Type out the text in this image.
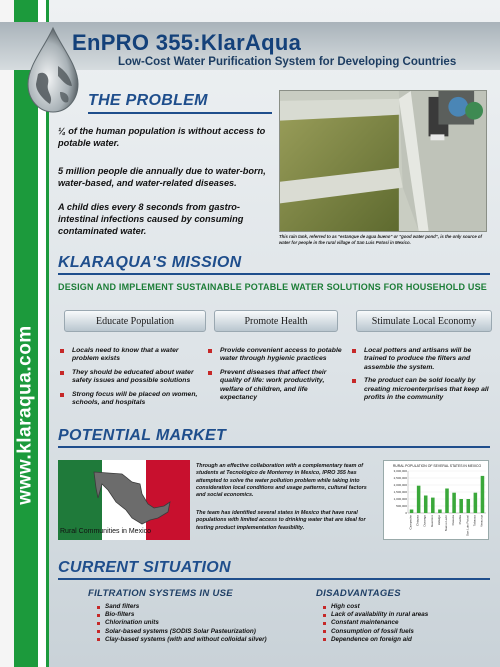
www.klaraqua.com
EnPRO 355:KlarAqua
Low-Cost Water Purification System for Developing Countries
THE PROBLEM
¼ of the human population is without access to potable water.
5 million people die annually due to water-born, water-based, and water-related diseases.
A child dies every 8 seconds from gastro-intestinal infections caused by consuming contaminated water.
This rain tank, referred to as "estanque de agua bueno" or "good water pond", is the only source of water for people in the rural village of San Luis Potosí in Mexico.
KLARAQUA'S MISSION
DESIGN AND IMPLEMENT SUSTAINABLE POTABLE WATER SOLUTIONS FOR HOUSEHOLD USE
Educate Population	Promote Health	Stimulate Local Economy
Locals need to know that a water problem exists
They should be educated about water safety issues and possible solutions
Strong focus will be placed on women, schools, and hospitals
Provide convenient access to potable water through hygienic practices
Prevent diseases that affect their quality of life: work productivity, welfare of children, and life expectancy
Local potters and artisans will be trained to produce the filters and assemble the system.
The product can be sold locally by creating microenterprises that keep all profits in the community
POTENTIAL MARKET
Rural Communities in Mexico
Through an effective collaboration with a complementary team of students at Tecnológico de Monterrey in Mexico, IPRO 355 has attempted to solve the water pollution problem while taking into consideration local conditions and usage patterns, cultural factors and social economics.
The team has identified several states in Mexico that have rural populations with limited access to drinking water that are ideal for testing product implementation feasibility.
RURAL POPULATION OF SEVERAL STATES IN MEXICO
3,000,000
2,500,000
2,000,000
1,500,000
1,000,000
500,000
0
Campeche Chiapas Durango Guerrero Hidalgo Nuevo León Oaxaca Puebla San Luis Potosí Tabasco Veracruz
CURRENT SITUATION
FILTRATION SYSTEMS IN USE
Sand filters
Bio-filters
Chlorination units
Solar-based systems (SODIS Solar Pasteurization)
Clay-based systems (with and without colloidal silver)
DISADVANTAGES
High cost
Lack of availability in rural areas
Constant maintenance
Consumption of fossil fuels
Dependence on foreign aid
